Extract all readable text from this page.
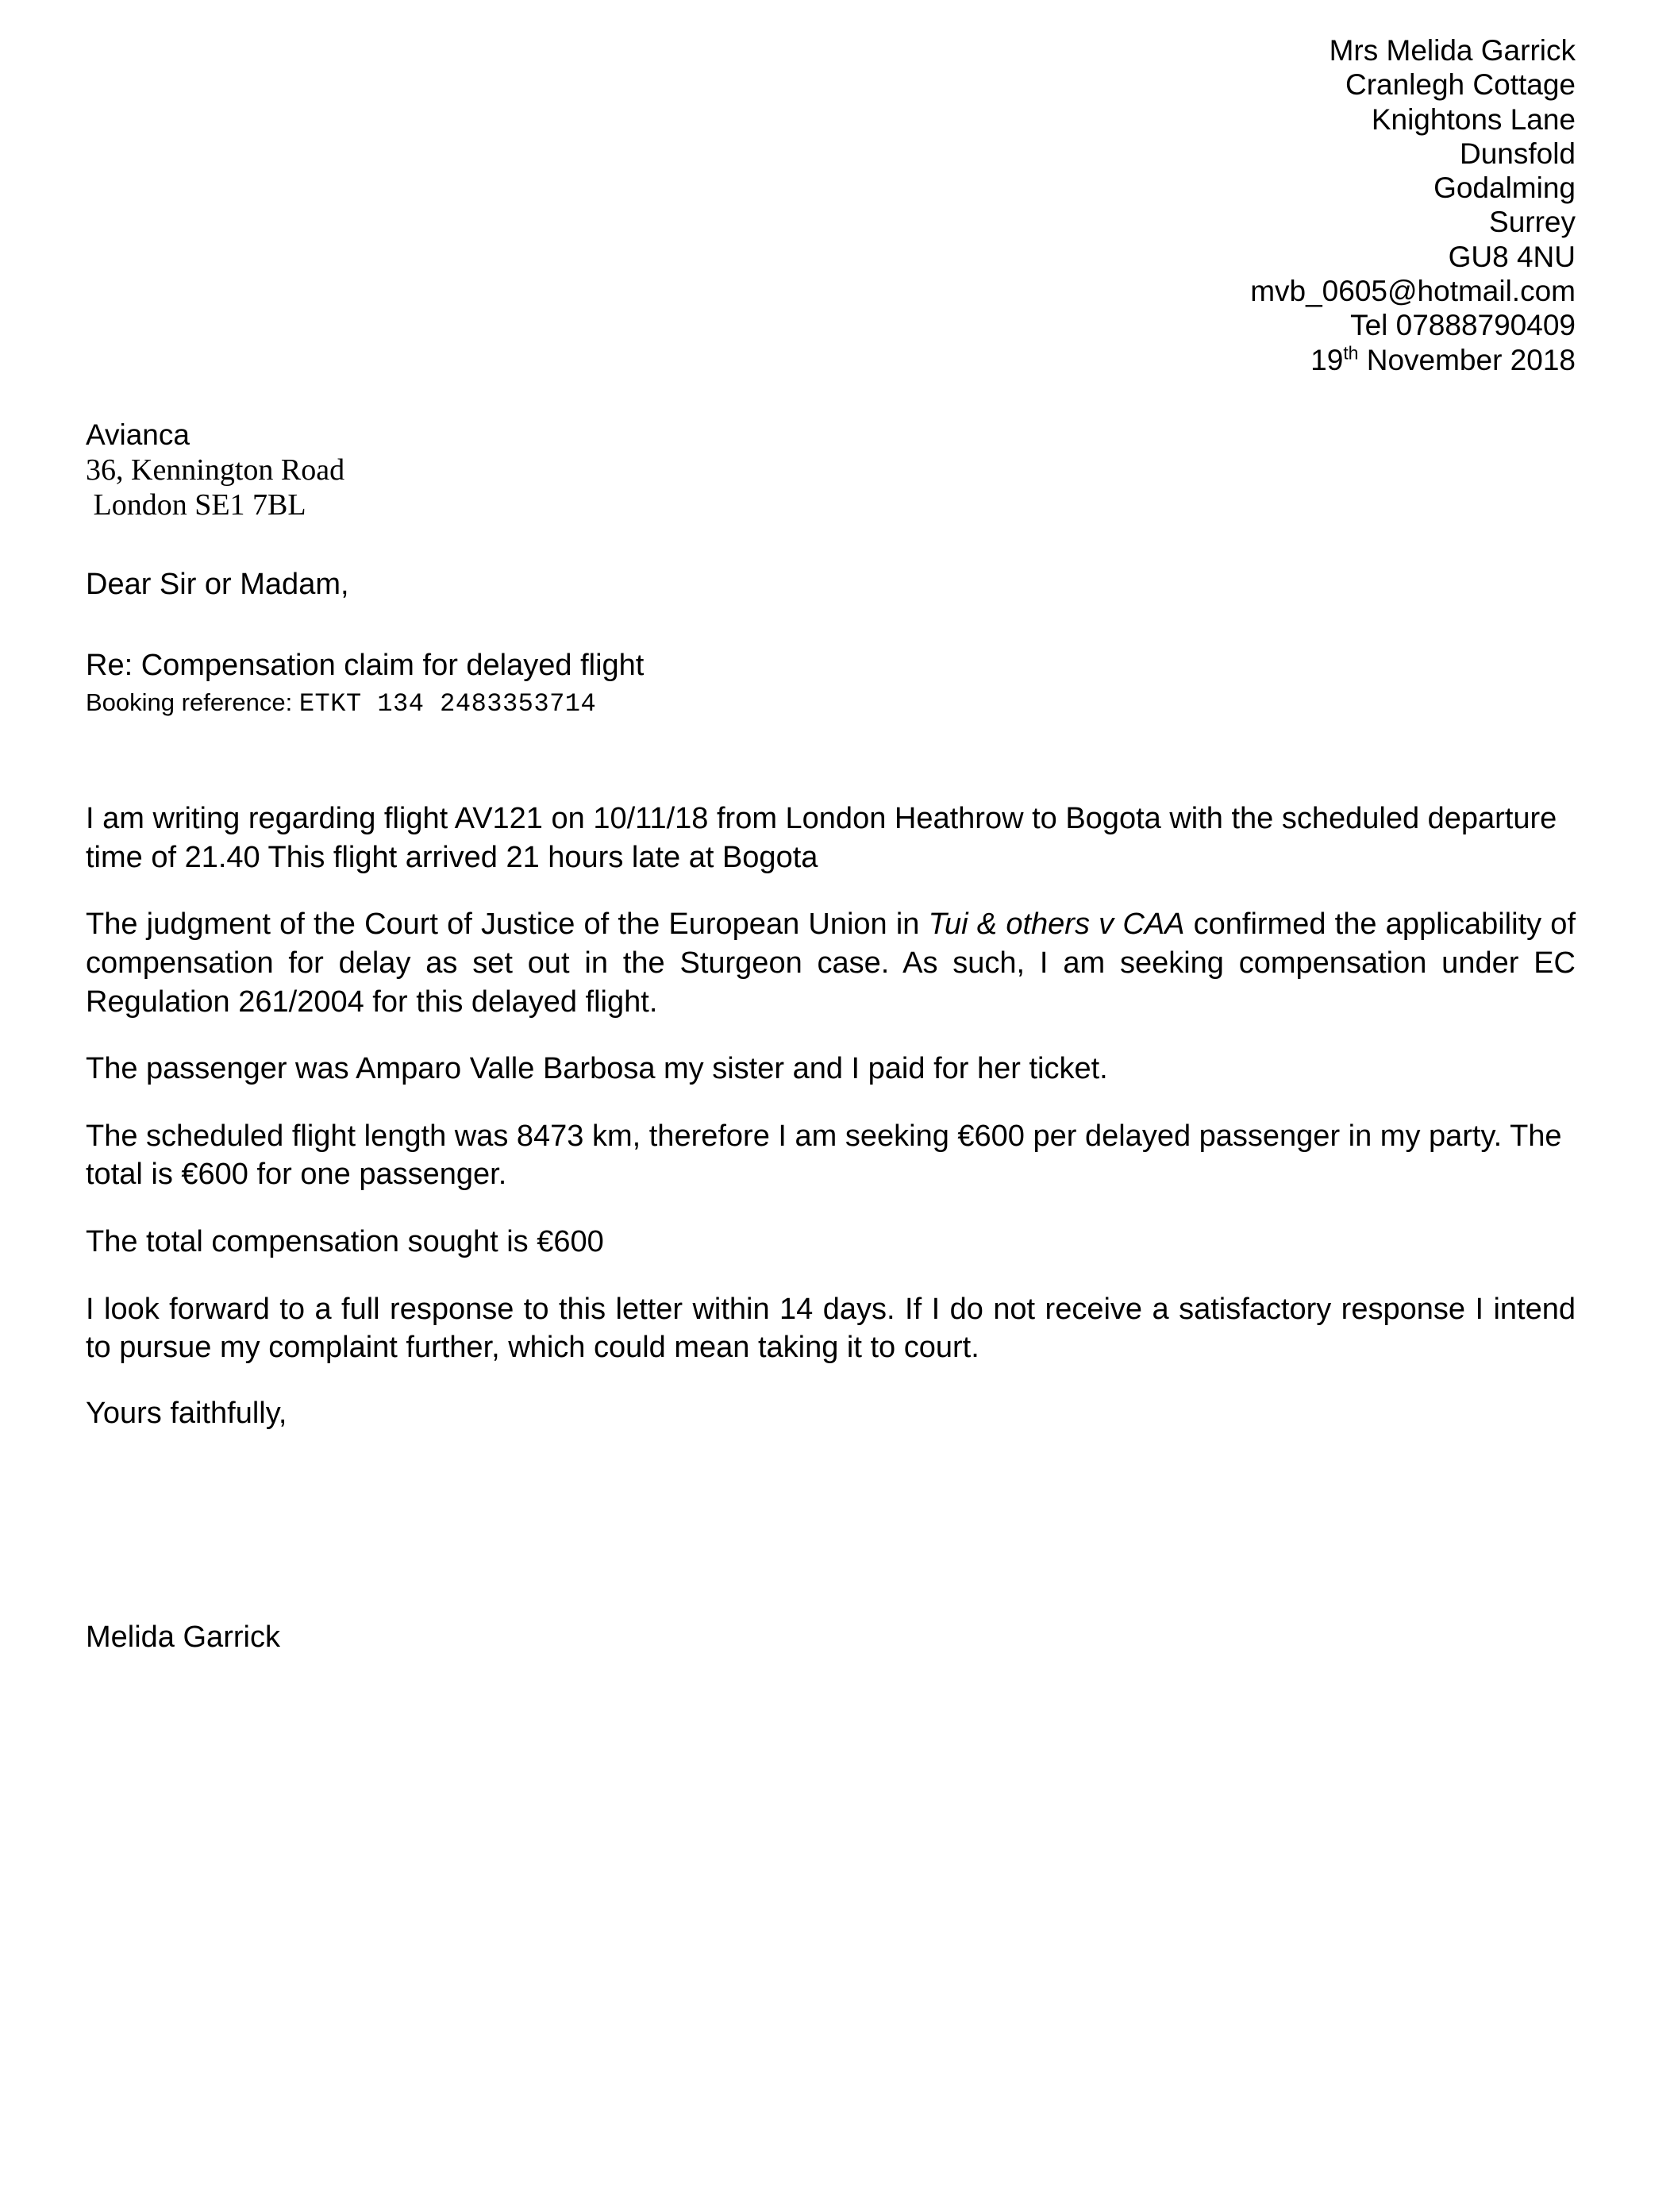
Mrs Melida Garrick
Cranlegh Cottage
Knightons Lane
Dunsfold
Godalming
Surrey
GU8 4NU
mvb_0605@hotmail.com
Tel 07888790409
19th November 2018
Avianca
36, Kennington Road
London SE1 7BL
Dear Sir or Madam,
Re: Compensation claim for delayed flight
Booking reference: ETKT 134 2483353714

I am writing regarding flight AV121 on 10/11/18 from London Heathrow to Bogota with the scheduled departure time of 21.40 This flight arrived 21 hours late at Bogota

The judgment of the Court of Justice of the European Union in Tui & others v CAA confirmed the applicability of compensation for delay as set out in the Sturgeon case. As such, I am seeking compensation under EC Regulation 261/2004 for this delayed flight.

The passenger was Amparo Valle Barbosa my sister and I paid for her ticket.

The scheduled flight length was 8473 km, therefore I am seeking €600 per delayed passenger in my party. The total is €600 for one passenger.

The total compensation sought is €600

I look forward to a full response to this letter within 14 days. If I do not receive a satisfactory response I intend to pursue my complaint further, which could mean taking it to court.

Yours faithfully,
Melida Garrick
